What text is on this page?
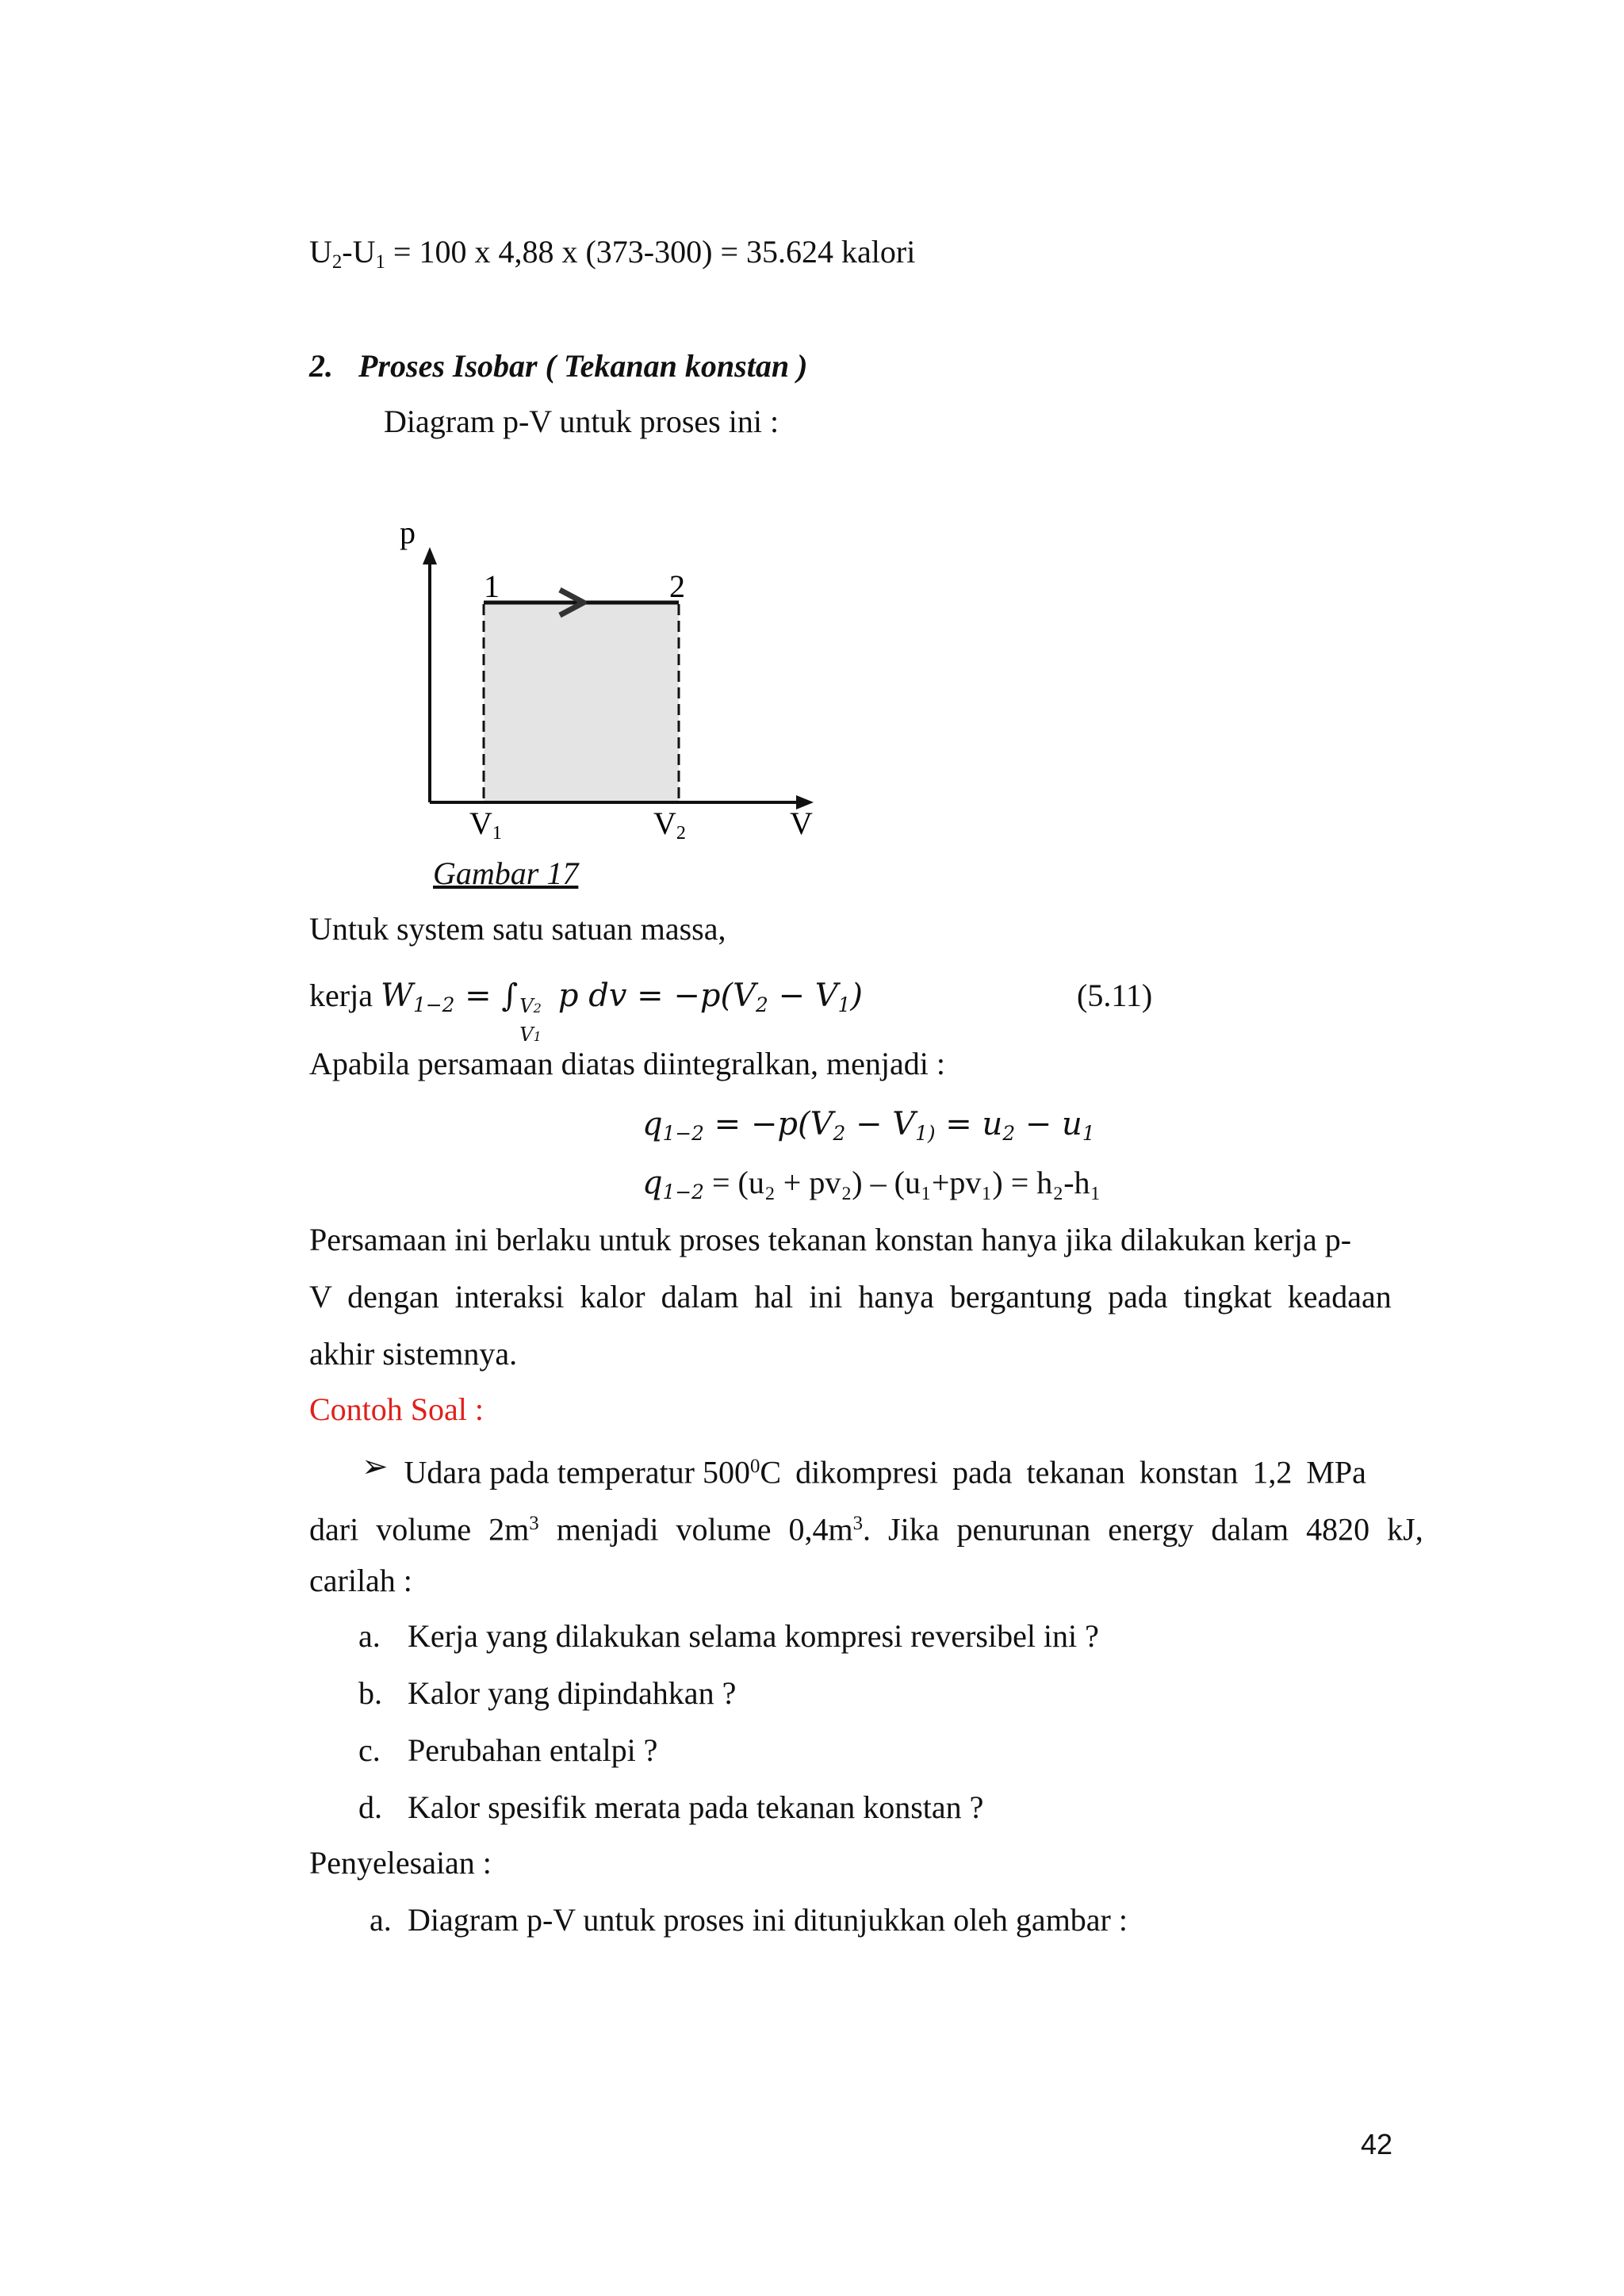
$U_2-U_1 = 100$ x 4,88 x (373-300) = 35.624 kalori
2. Proses Isobar ( Tekanan konstan )
Diagram p-V untuk proses ini :
p
1	2
V1	V2	V
Gambar 17
Untuk system satu satuan massa,
kerja $W_{1-2}$ = ∫ V2
V1
p dv = $-p(V_2 - V_1)$	(5.11)
Apabila persamaan diatas diintegralkan, menjadi :
$q_{1-2} = -p(V_2 - V_{1)} = u_2 - u_1$
$q_{1-2} = (u_2 + pv_2) - (u_1+pv_1) = h_2-h_1$
Persamaan ini berlaku untuk proses tekanan konstan hanya jika dilakukan kerja p-
V dengan interaksi kalor dalam hal ini hanya bergantung pada tingkat keadaan
akhir sistemnya.
Contoh Soal :
➢ Udara pada temperatur $500^0C$ dikompresi pada tekanan konstan 1,2 MPa
dari volume $2m^3$ menjadi volume $0,4m^3$. Jika penurunan energy dalam 4820 kJ,
carilah :
a. Kerja yang dilakukan selama kompresi reversibel ini ?
b. Kalor yang dipindahkan ?
c. Perubahan entalpi ?
d. Kalor spesifik merata pada tekanan konstan ?
Penyelesaian :
a. Diagram p-V untuk proses ini ditunjukkan oleh gambar :
42
